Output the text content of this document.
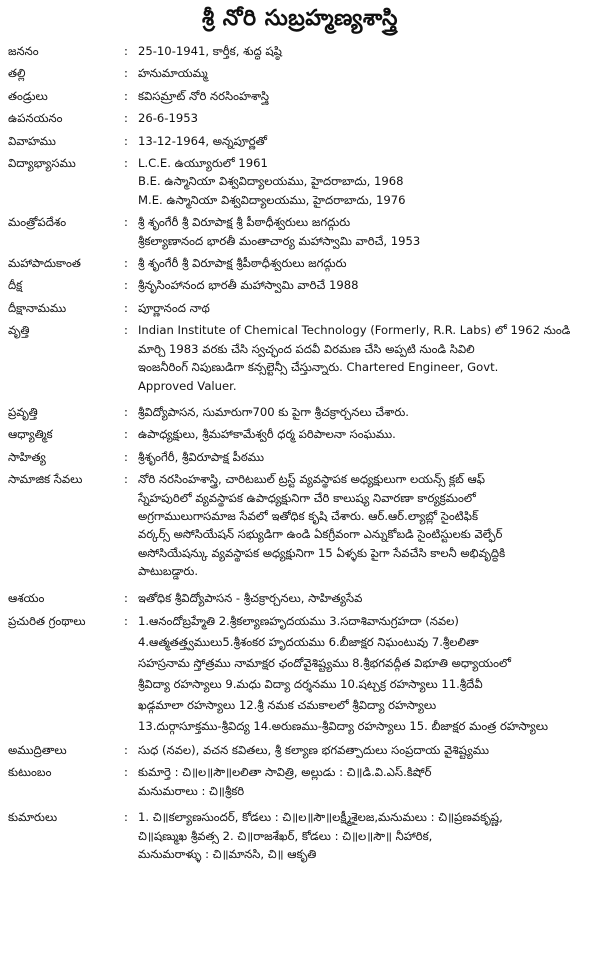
శ్రీ నోరి సుబ్రహ్మణ్యశాస్త్రి
జననం	: 25-10-1941, కార్తీక, శుద్ధ షష్ఠి
తల్లి	: హనుమాయమ్మ
తండ్రులు	: కవిసమ్రాట్ నోరి నరసింహశాస్త్రి
ఉపనయనం	: 26-6-1953
వివాహము	: 13-12-1964, అన్నపూర్ణతో
విద్యాభ్యాసము	: L.C.E. ఉయ్యూరులో 1961
B.E. ఉస్మానియా విశ్వవిద్యాలయము, హైదరాబాదు, 1968
M.E. ఉస్మానియా విశ్వవిద్యాలయము, హైదరాబాదు, 1976
మంత్రోపదేశం	: శ్రీ శృంగేరీ శ్రీ విరూపాక్ష శ్రీ పీఠాధీశ్వరులు జగద్గురు
శ్రీకల్యాణానంద భారతీ మంతాచార్య మహాస్వామి వారిచే, 1953
మహాపాదుకాంత	: శ్రీ శృంగేరీ శ్రీ విరూపాక్ష శ్రీపీఠాధీశ్వరులు జగద్గురు
దీక్ష	: శ్రీనృసింహానంద భారతీ మహాస్వామి వారిచే 1988
దీక్షానామము	: పూర్ణానంద నాథ
వృత్తి	: Indian Institute of Chemical Technology (Formerly, R.R. Labs) లో 1962 నుండి
మార్చి 1983 వరకు చేసి స్వచ్ఛంద పదవీ విరమణ చేసి అప్పటి నుండి సివిలి
ఇంజనీరింగ్ నిపుణుడిగా కన్సల్టెన్సీ చేస్తున్నారు. Chartered Engineer, Govt.
Approved Valuer.
ప్రవృత్తి	: శ్రీవిద్యోపాసన, సుమారుగా700 కు పైగా శ్రీచక్రార్చనలు చేశారు.
ఆధ్యాత్మిక	: ఉపాధ్యక్షులు, శ్రీమహాకామేశ్వరీ ధర్మ పరిపాలనా సంఘము.
సాహిత్య	: శ్రీశృంగేరీ, శ్రీవిరూపాక్ష పీఠము
సామాజిక సేవలు	: నోరి నరసింహశాస్త్రి, చారిటబుల్ ట్రస్ట్ వ్యవస్థాపక అధ్యక్షులుగా లయన్స్ క్లబ్ ఆఫ్
స్నేహపురిలో వ్యవస్థాపక ఉపాధ్యక్షునిగా చేరి కాలుష్య నివారణా కార్యక్రమంలో
అగ్రగాములుగాసమాజ సేవలో ఇతోధిక కృషి చేశారు. ఆర్.ఆర్.ల్యాబ్లో సైంటిఫిక్
వర్కర్స్ అసోసియేషన్ సభ్యుడిగా ఉండి ఏకగ్రీవంగా ఎన్నుకోబడి సైంటిస్టులకు వెల్ఫేర్
అసోసియేషన్కు వ్యవస్థాపక అధ్యక్షునిగా 15 ఏళ్ళకు పైగా సేవచేసి కాలనీ అభివృద్ధికి
పాటుబడ్డారు.
ఆశయం	: ఇతోధిక శ్రీవిద్యోపాసన - శ్రీచక్రార్చనలు, సాహిత్యసేవ
ప్రచురిత గ్రంథాలు	: 1.ఆనందోబ్రహ్మేతి 2.శ్రీకల్యాణహృదయము 3.సదాశివానుగ్రహదా (నవల)
4.ఆత్మతత్త్వములు5.శ్రీశంకర హృదయము 6.బీజాక్షర నిఘంటువు 7.శ్రీలలితా
సహస్రనామ స్తోత్రము నామాక్షర ఛందోవైశిష్ట్యము 8.శ్రీభగవద్గీత విభూతి అధ్యాయంలో
శ్రీవిద్యా రహస్యాలు 9.మధు విద్యా దర్శనము 10.షట్చక్ర రహస్యాలు 11.శ్రీదేవీ
ఖడ్గమాలా రహస్యాలు 12.శ్రీ నమక చమకాలలో శ్రీవిద్యా రహస్యాలు
13.దుర్గాసూక్తము-శ్రీవిద్య 14.అరుణము-శ్రీవిద్యా రహస్యాలు 15. బీజాక్షర మంత్ర రహస్యాలు
అముద్రితాలు	: సుధ (నవల), వచన కవితలు, శ్రీ కల్యాణ భగవత్పాదులు సంప్రదాయ వైశిష్ట్యము
కుటుంబం	: కుమార్తె : చి॥ల॥సౌ॥లలితా సావిత్రి, అల్లుడు : చి॥డి.వి.ఎస్.కిషోర్
మనుమరాలు : చి॥శ్రీకరి
కుమారులు	: 1. చి॥కల్యాణసుందర్, కోడలు : చి॥ల॥సౌ॥లక్ష్మీశైలజ,మనుమలు : చి॥ప్రణవకృష్ణ,
చి॥షణ్ముఖ శ్రీవత్స 2. చి॥రాజశేఖర్, కోడలు : చి॥ల॥సౌ॥ నీహారిక,
మనుమరాళ్ళు : చి॥మానసి, చి॥ ఆకృతి
